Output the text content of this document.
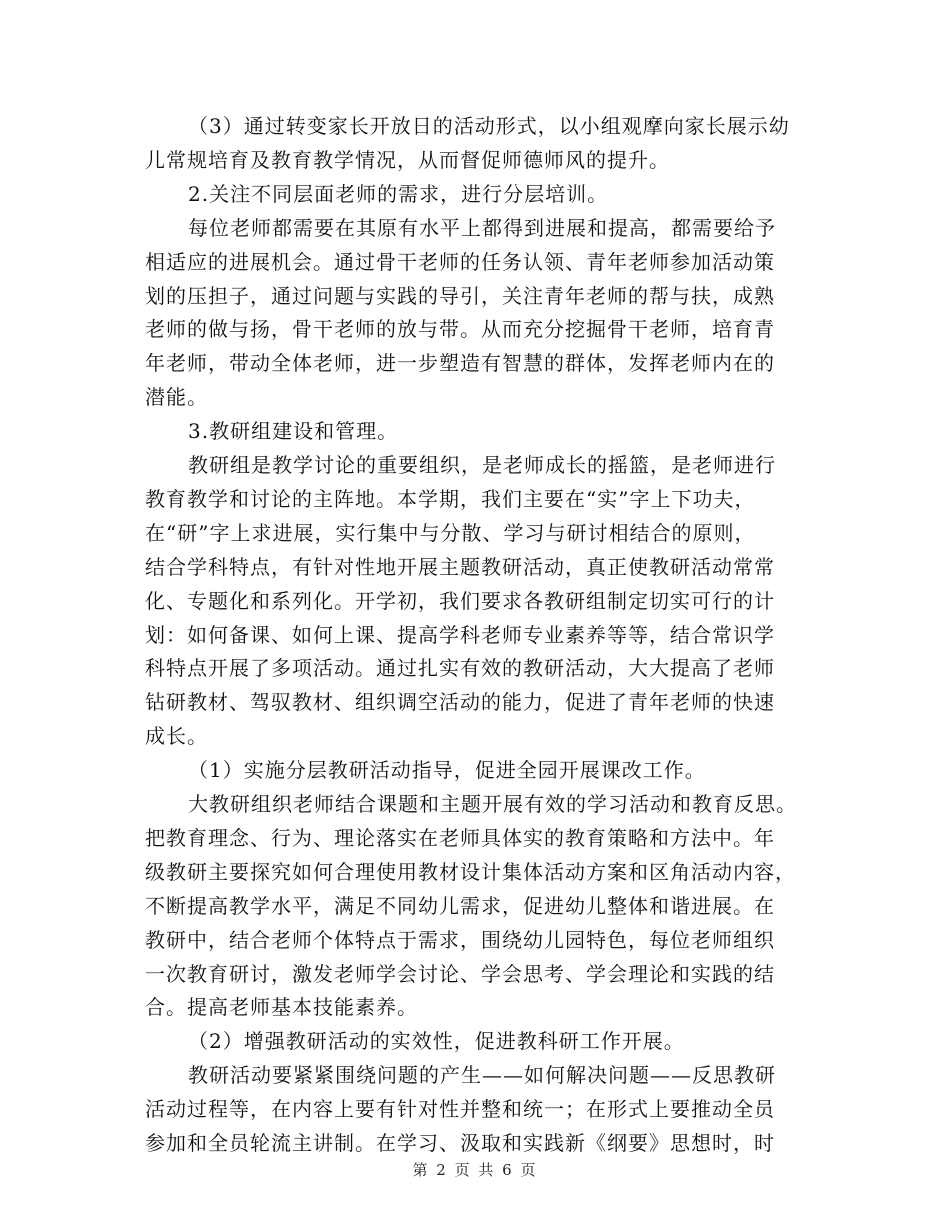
（3）通过转变家长开放日的活动形式，以小组观摩向家长展示幼
儿常规培育及教育教学情况，从而督促师德师风的提升。
2.关注不同层面老师的需求，进行分层培训。
每位老师都需要在其原有水平上都得到进展和提高，都需要给予
相适应的进展机会。通过骨干老师的任务认领、青年老师参加活动策
划的压担子，通过问题与实践的导引，关注青年老师的帮与扶，成熟
老师的做与扬，骨干老师的放与带。从而充分挖掘骨干老师，培育青
年老师，带动全体老师，进一步塑造有智慧的群体，发挥老师内在的
潜能。
3.教研组建设和管理。
教研组是教学讨论的重要组织，是老师成长的摇篮，是老师进行
教育教学和讨论的主阵地。本学期，我们主要在“实”字上下功夫，
在“研”字上求进展，实行集中与分散、学习与研讨相结合的原则，
结合学科特点，有针对性地开展主题教研活动，真正使教研活动常常
化、专题化和系列化。开学初，我们要求各教研组制定切实可行的计
划：如何备课、如何上课、提高学科老师专业素养等等，结合常识学
科特点开展了多项活动。通过扎实有效的教研活动，大大提高了老师
钻研教材、驾驭教材、组织调空活动的能力，促进了青年老师的快速
成长。
（1）实施分层教研活动指导，促进全园开展课改工作。
大教研组织老师结合课题和主题开展有效的学习活动和教育反思。
把教育理念、行为、理论落实在老师具体实的教育策略和方法中。年
级教研主要探究如何合理使用教材设计集体活动方案和区角活动内容，
不断提高教学水平，满足不同幼儿需求，促进幼儿整体和谐进展。在
教研中，结合老师个体特点于需求，围绕幼儿园特色，每位老师组织
一次教育研讨，激发老师学会讨论、学会思考、学会理论和实践的结
合。提高老师基本技能素养。
（2）增强教研活动的实效性，促进教科研工作开展。
教研活动要紧紧围绕问题的产生——如何解决问题——反思教研
活动过程等，在内容上要有针对性并整和统一；在形式上要推动全员
参加和全员轮流主讲制。在学习、汲取和实践新《纲要》思想时，时
第 2 页 共 6 页
